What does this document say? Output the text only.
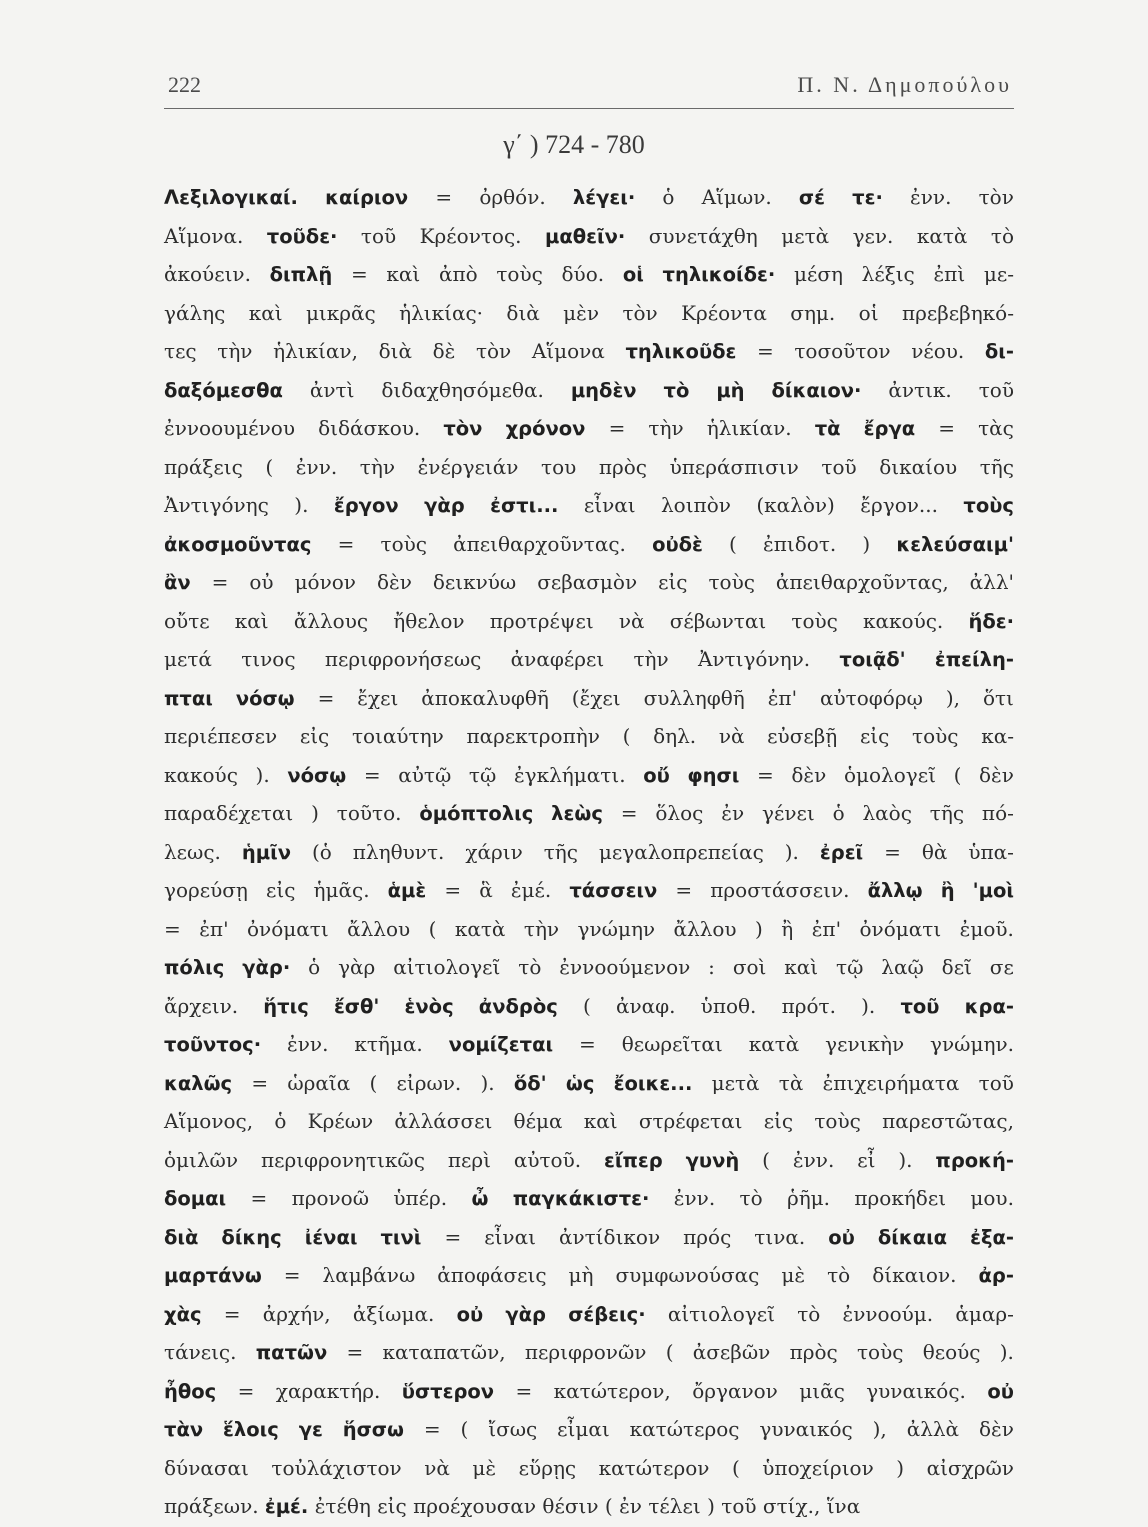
222	Π. Ν. Δημοπούλου
γ΄ ) 724 - 780
Λεξιλογικαί. καίριον = ὀρθόν. λέγει· ὁ Αἵμων. σέ τε· ἐνν. τὸν
Αἵμονα. τοῦδε· τοῦ Κρέοντος. μαθεῖν· συνετάχθη μετὰ γεν. κατὰ τὸ
ἀκούειν. διπλῇ = καὶ ἀπὸ τοὺς δύο. οἱ τηλικοίδε· μέση λέξις ἐπὶ με-
γάλης καὶ μικρᾶς ἡλικίας· διὰ μὲν τὸν Κρέοντα σημ. οἱ πρεβεβηκό-
τες τὴν ἡλικίαν, διὰ δὲ τὸν Αἵμονα τηλικοῦδε = τοσοῦτον νέου. δι-
δαξόμεσθα ἀντὶ διδαχθησόμεθα. μηδὲν τὸ μὴ δίκαιον· ἀντικ. τοῦ
ἐννοουμένου διδάσκου. τὸν χρόνον = τὴν ἡλικίαν. τὰ ἔργα = τὰς
πράξεις ( ἐνν. τὴν ἐνέργειάν του πρὸς ὑπεράσπισιν τοῦ δικαίου τῆς
Ἀντιγόνης ). ἔργον γὰρ ἐστι... εἶναι λοιπὸν (καλὸν) ἔργον... τοὺς
ἀκοσμοῦντας = τοὺς ἀπειθαρχοῦντας. οὐδὲ ( ἐπιδοτ. ) κελεύσαιμ'
ἂν = οὐ μόνον δὲν δεικνύω σεβασμὸν εἰς τοὺς ἀπειθαρχοῦντας, ἀλλ'
οὔτε καὶ ἄλλους ἤθελον προτρέψει νὰ σέβωνται τοὺς κακούς. ἥδε·
μετά τινος περιφρονήσεως ἀναφέρει τὴν Ἀντιγόνην. τοιᾷδ' ἐπείλη-
πται νόσῳ = ἔχει ἀποκαλυφθῆ (ἔχει συλληφθῆ ἐπ' αὐτοφόρῳ ), ὅτι
περιέπεσεν εἰς τοιαύτην παρεκτροπὴν ( δηλ. νὰ εὐσεβῇ εἰς τοὺς κα-
κακούς ). νόσῳ = αὐτῷ τῷ ἐγκλήματι. οὔ φησι = δὲν ὁμολογεῖ ( δὲν
παραδέχεται ) τοῦτο. ὁμόπτολις λεὼς = ὅλος ἐν γένει ὁ λαὸς τῆς πό-
λεως. ἡμῖν (ὁ πληθυντ. χάριν τῆς μεγαλοπρεπείας ). ἐρεῖ = θὰ ὑπα-
γορεύσῃ εἰς ἡμᾶς. ἁμὲ = ἃ ἐμέ. τάσσειν = προστάσσειν. ἄλλῳ ἢ 'μοὶ
= ἐπ' ὀνόματι ἄλλου ( κατὰ τὴν γνώμην ἄλλου ) ἢ ἐπ' ὀνόματι ἐμοῦ.
πόλις γὰρ· ὁ γὰρ αἰτιολογεῖ τὸ ἐννοούμενον : σοὶ καὶ τῷ λαῷ δεῖ σε
ἄρχειν. ἥτις ἔσθ' ἑνὸς ἀνδρὸς ( ἀναφ. ὑποθ. πρότ. ). τοῦ κρα-
τοῦντος· ἐνν. κτῆμα. νομίζεται = θεωρεῖται κατὰ γενικὴν γνώμην.
καλῶς = ὡραῖα ( εἰρων. ). ὅδ' ὡς ἔοικε... μετὰ τὰ ἐπιχειρήματα τοῦ
Αἵμονος, ὁ Κρέων ἀλλάσσει θέμα καὶ στρέφεται εἰς τοὺς παρεστῶτας,
ὁμιλῶν περιφρονητικῶς περὶ αὐτοῦ. εἴπερ γυνὴ ( ἐνν. εἶ ). προκή-
δομαι = προνοῶ ὑπέρ. ὦ παγκάκιστε· ἐνν. τὸ ῥῆμ. προκήδει μου.
διὰ δίκης ἰέναι τινὶ = εἶναι ἀντίδικον πρός τινα. οὐ δίκαια ἐξα-
μαρτάνω = λαμβάνω ἀποφάσεις μὴ συμφωνούσας μὲ τὸ δίκαιον. ἀρ-
χὰς = ἀρχήν, ἀξίωμα. οὐ γὰρ σέβεις· αἰτιολογεῖ τὸ ἐννοούμ. ἁμαρ-
τάνεις. πατῶν = καταπατῶν, περιφρονῶν ( ἀσεβῶν πρὸς τοὺς θεούς ).
ἦθος = χαρακτήρ. ὕστερον = κατώτερον, ὄργανον μιᾶς γυναικός. οὐ
τὰν ἕλοις γε ἥσσω = ( ἴσως εἶμαι κατώτερος γυναικός ), ἀλλὰ δὲν
δύνασαι τοὐλάχιστον νὰ μὲ εὕρῃς κατώτερον ( ὑποχείριον ) αἰσχρῶν
πράξεων. ἐμέ. ἐτέθη εἰς προέχουσαν θέσιν ( ἐν τέλει ) τοῦ στίχ., ἵνα
